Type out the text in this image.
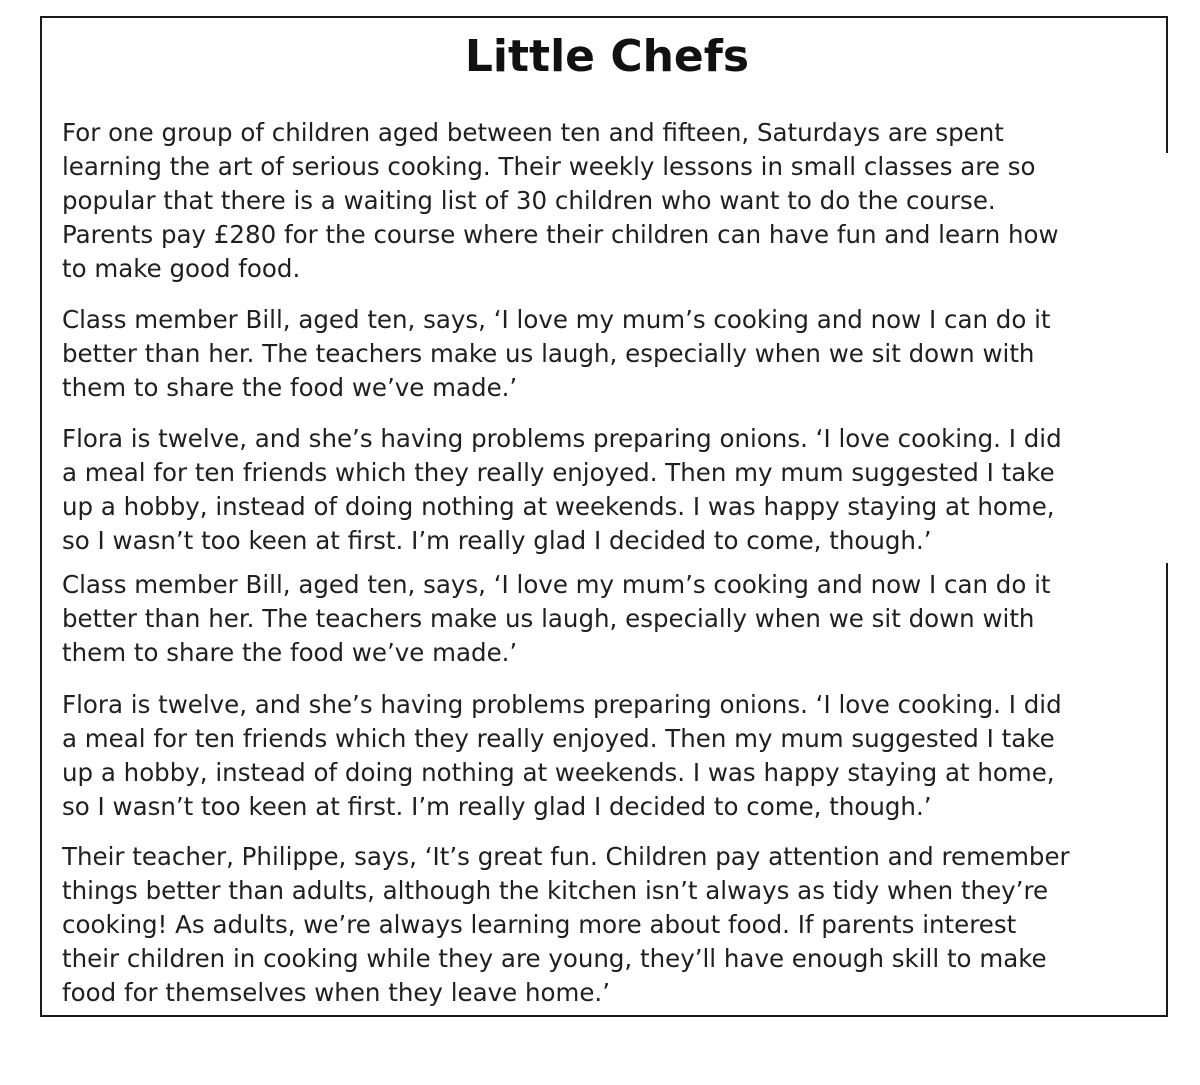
Little Chefs

For one group of children aged between ten and fifteen, Saturdays are spent
learning the art of serious cooking. Their weekly lessons in small classes are so
popular that there is a waiting list of 30 children who want to do the course.
Parents pay £280 for the course where their children can have fun and learn how
to make good food.

Class member Bill, aged ten, says, ‘I love my mum’s cooking and now I can do it
better than her. The teachers make us laugh, especially when we sit down with
them to share the food we’ve made.’

Flora is twelve, and she’s having problems preparing onions. ‘I love cooking. I did
a meal for ten friends which they really enjoyed. Then my mum suggested I take
up a hobby, instead of doing nothing at weekends. I was happy staying at home,
so I wasn’t too keen at first. I’m really glad I decided to come, though.’

Class member Bill, aged ten, says, ‘I love my mum’s cooking and now I can do it
better than her. The teachers make us laugh, especially when we sit down with
them to share the food we’ve made.’

Flora is twelve, and she’s having problems preparing onions. ‘I love cooking. I did
a meal for ten friends which they really enjoyed. Then my mum suggested I take
up a hobby, instead of doing nothing at weekends. I was happy staying at home,
so I wasn’t too keen at first. I’m really glad I decided to come, though.’

Their teacher, Philippe, says, ‘It’s great fun. Children pay attention and remember
things better than adults, although the kitchen isn’t always as tidy when they’re
cooking! As adults, we’re always learning more about food. If parents interest
their children in cooking while they are young, they’ll have enough skill to make
food for themselves when they leave home.’
